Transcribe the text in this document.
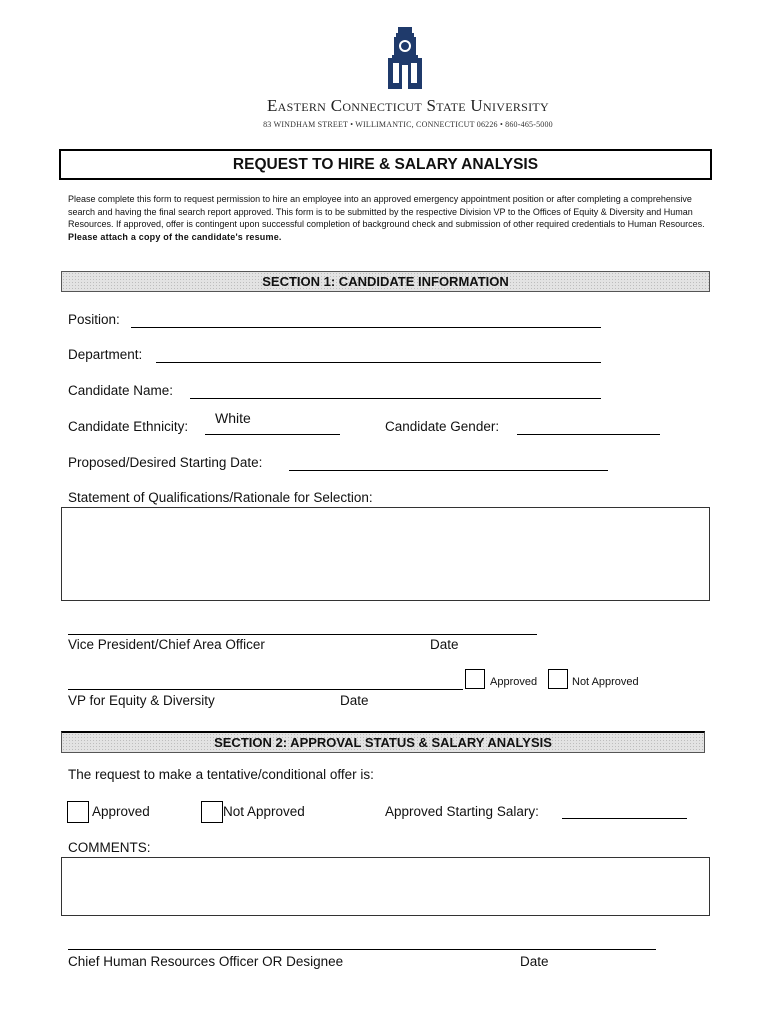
Eastern Connecticut State University
83 WINDHAM STREET • WILLIMANTIC, CONNECTICUT 06226 • 860-465-5000
REQUEST TO HIRE & SALARY ANALYSIS
Please complete this form to request permission to hire an employee into an approved emergency appointment position or after completing a comprehensive search and having the final search report approved. This form is to be submitted by the respective Division VP to the Offices of Equity & Diversity and Human Resources. If approved, offer is contingent upon successful completion of background check and submission of other required credentials to Human Resources. Please attach a copy of the candidate's resume.
SECTION 1: CANDIDATE INFORMATION
Position:
Department:
Candidate Name:
Candidate Ethnicity:
White
Candidate Gender:
Proposed/Desired Starting Date:
Statement of Qualifications/Rationale for Selection:
Vice President/Chief Area Officer	Date
Approved	Not Approved
VP for Equity & Diversity	Date
SECTION 2: APPROVAL STATUS & SALARY ANALYSIS
The request to make a tentative/conditional offer is:
Approved	Not Approved	Approved Starting Salary:
COMMENTS:
Chief Human Resources Officer OR Designee	Date
